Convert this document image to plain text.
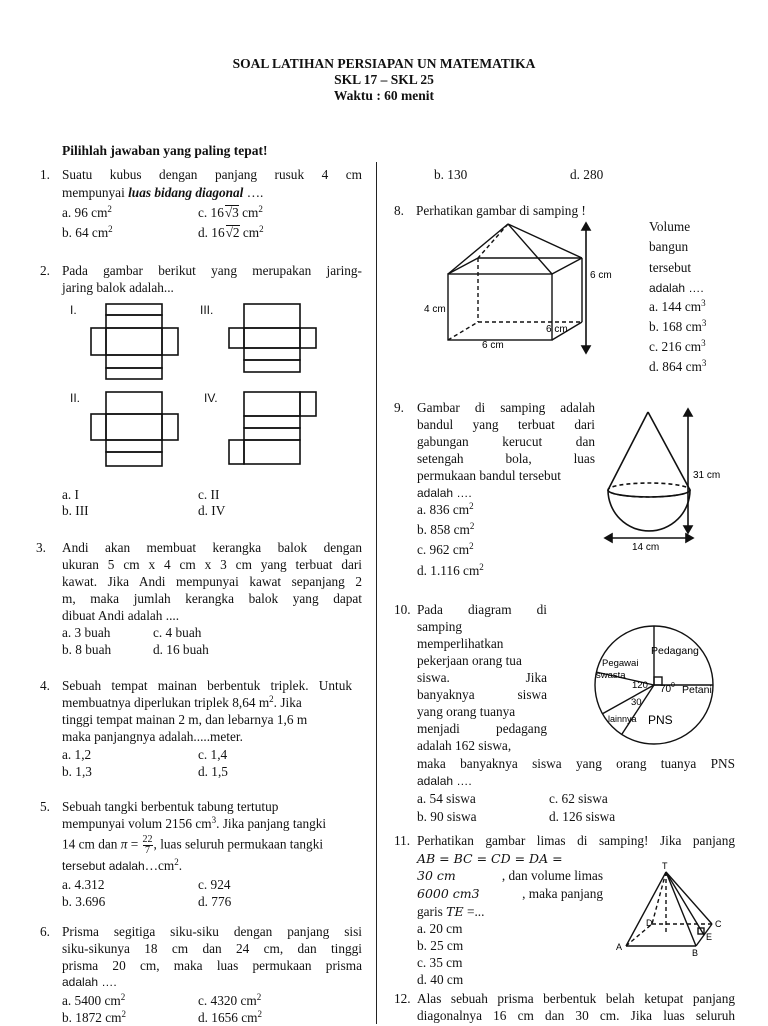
SOAL LATIHAN PERSIAPAN UN MATEMATIKA
SKL 17 – SKL 25
Waktu : 60 menit
Pilihlah jawaban yang paling tepat!
1. Suatu kubus dengan panjang rusuk 4 cm
mempunyai luas bidang diagonal ….
a. 96 $cm^2$
b. 64 $cm^2$
c. 16√3 $cm^2$
d. 16√2 $cm^2$
2. Pada gambar berikut yang merupakan jaring-
jaring balok adalah...
I.	III.
II.	IV.
a. I
b. III
c. II
d. IV
3. Andi akan membuat kerangka balok dengan
ukuran 5 cm x 4 cm x 3 cm yang terbuat dari
kawat. Jika Andi mempunyai kawat sepanjang 2
m, maka jumlah kerangka balok yang dapat
dibuat Andi adalah ....
a. 3 buah
b. 8 buah
c. 4 buah
d. 16 buah
4. Sebuah tempat mainan berbentuk triplek. Untuk
membuatnya diperlukan triplek 8,64 $m^2$. Jika
tinggi tempat mainan 2 m, dan lebarnya 1,6 m
maka panjangnya adalah.....meter.
a. 1,2
b. 1,3
c. 1,4
d. 1,5
5. Sebuah tangki berbentuk tabung tertutup
mempunyai volum 2156 $cm^3$. Jika panjang tangki
14 cm dan $\pi = \frac{22}{7}$ , luas seluruh permukaan tangki
tersebut $adalah\dots cm^2$.
a. 4.312
b. 3.696
c. 924
d. 776
6. Prisma segitiga siku-siku dengan panjang sisi
siku-sikunya 18 cm dan 24 cm, dan tinggi
prisma 20 cm, maka luas permukaan prisma
adalah ….
a. 5400 $cm^2$
b. 1872 $cm^2$
c. 4320 $cm^2$
d. 1656 $cm^2$
b. 130	d. 280
8. Perhatikan gambar di samping !
6 cm
4 cm
6 cm
6 cm
Volume
bangun
tersebut
adalah ….
a. 144 $cm^3$
b. 168 $cm^3$
c. 216 $cm^3$
d. 864 $cm^3$
9. Gambar di samping adalah
bandul yang terbuat dari
gabungan kerucut dan
setengah bola, luas
permukaan bandul tersebut
adalah ….
a. 836 $cm^2$
b. 858 $cm^2$
c. 962 $cm^2$
d. 1.116 $cm^2$
31 cm
14 cm
10. Pada diagram di
samping
memperlihatkan
pekerjaan orang tua
siswa. Jika
banyaknya siswa
yang orang tuanya
menjadi pedagang
adalah 162 siswa,
maka banyaknya siswa yang orang tuanya PNS
adalah ….
a. 54 siswa
b. 90 siswa
c. 62 siswa
d. 126 siswa
Pedagang
Pegawai
swasta
120 70 0 Petani
30
lainnya PNS
11. Perhatikan gambar limas di samping! Jika panjang
AB = BC = CD = DA =
30 cm	, dan volume limas
6000 cm3	, maka panjang
garis TE =...
a. 20 cm
b. 25 cm
c. 35 cm
d. 40 cm
T
A
B
C
D
E
12. Alas sebuah prisma berbentuk belah ketupat panjang
diagonalnya 16 cm dan 30 cm. Jika luas seluruh
